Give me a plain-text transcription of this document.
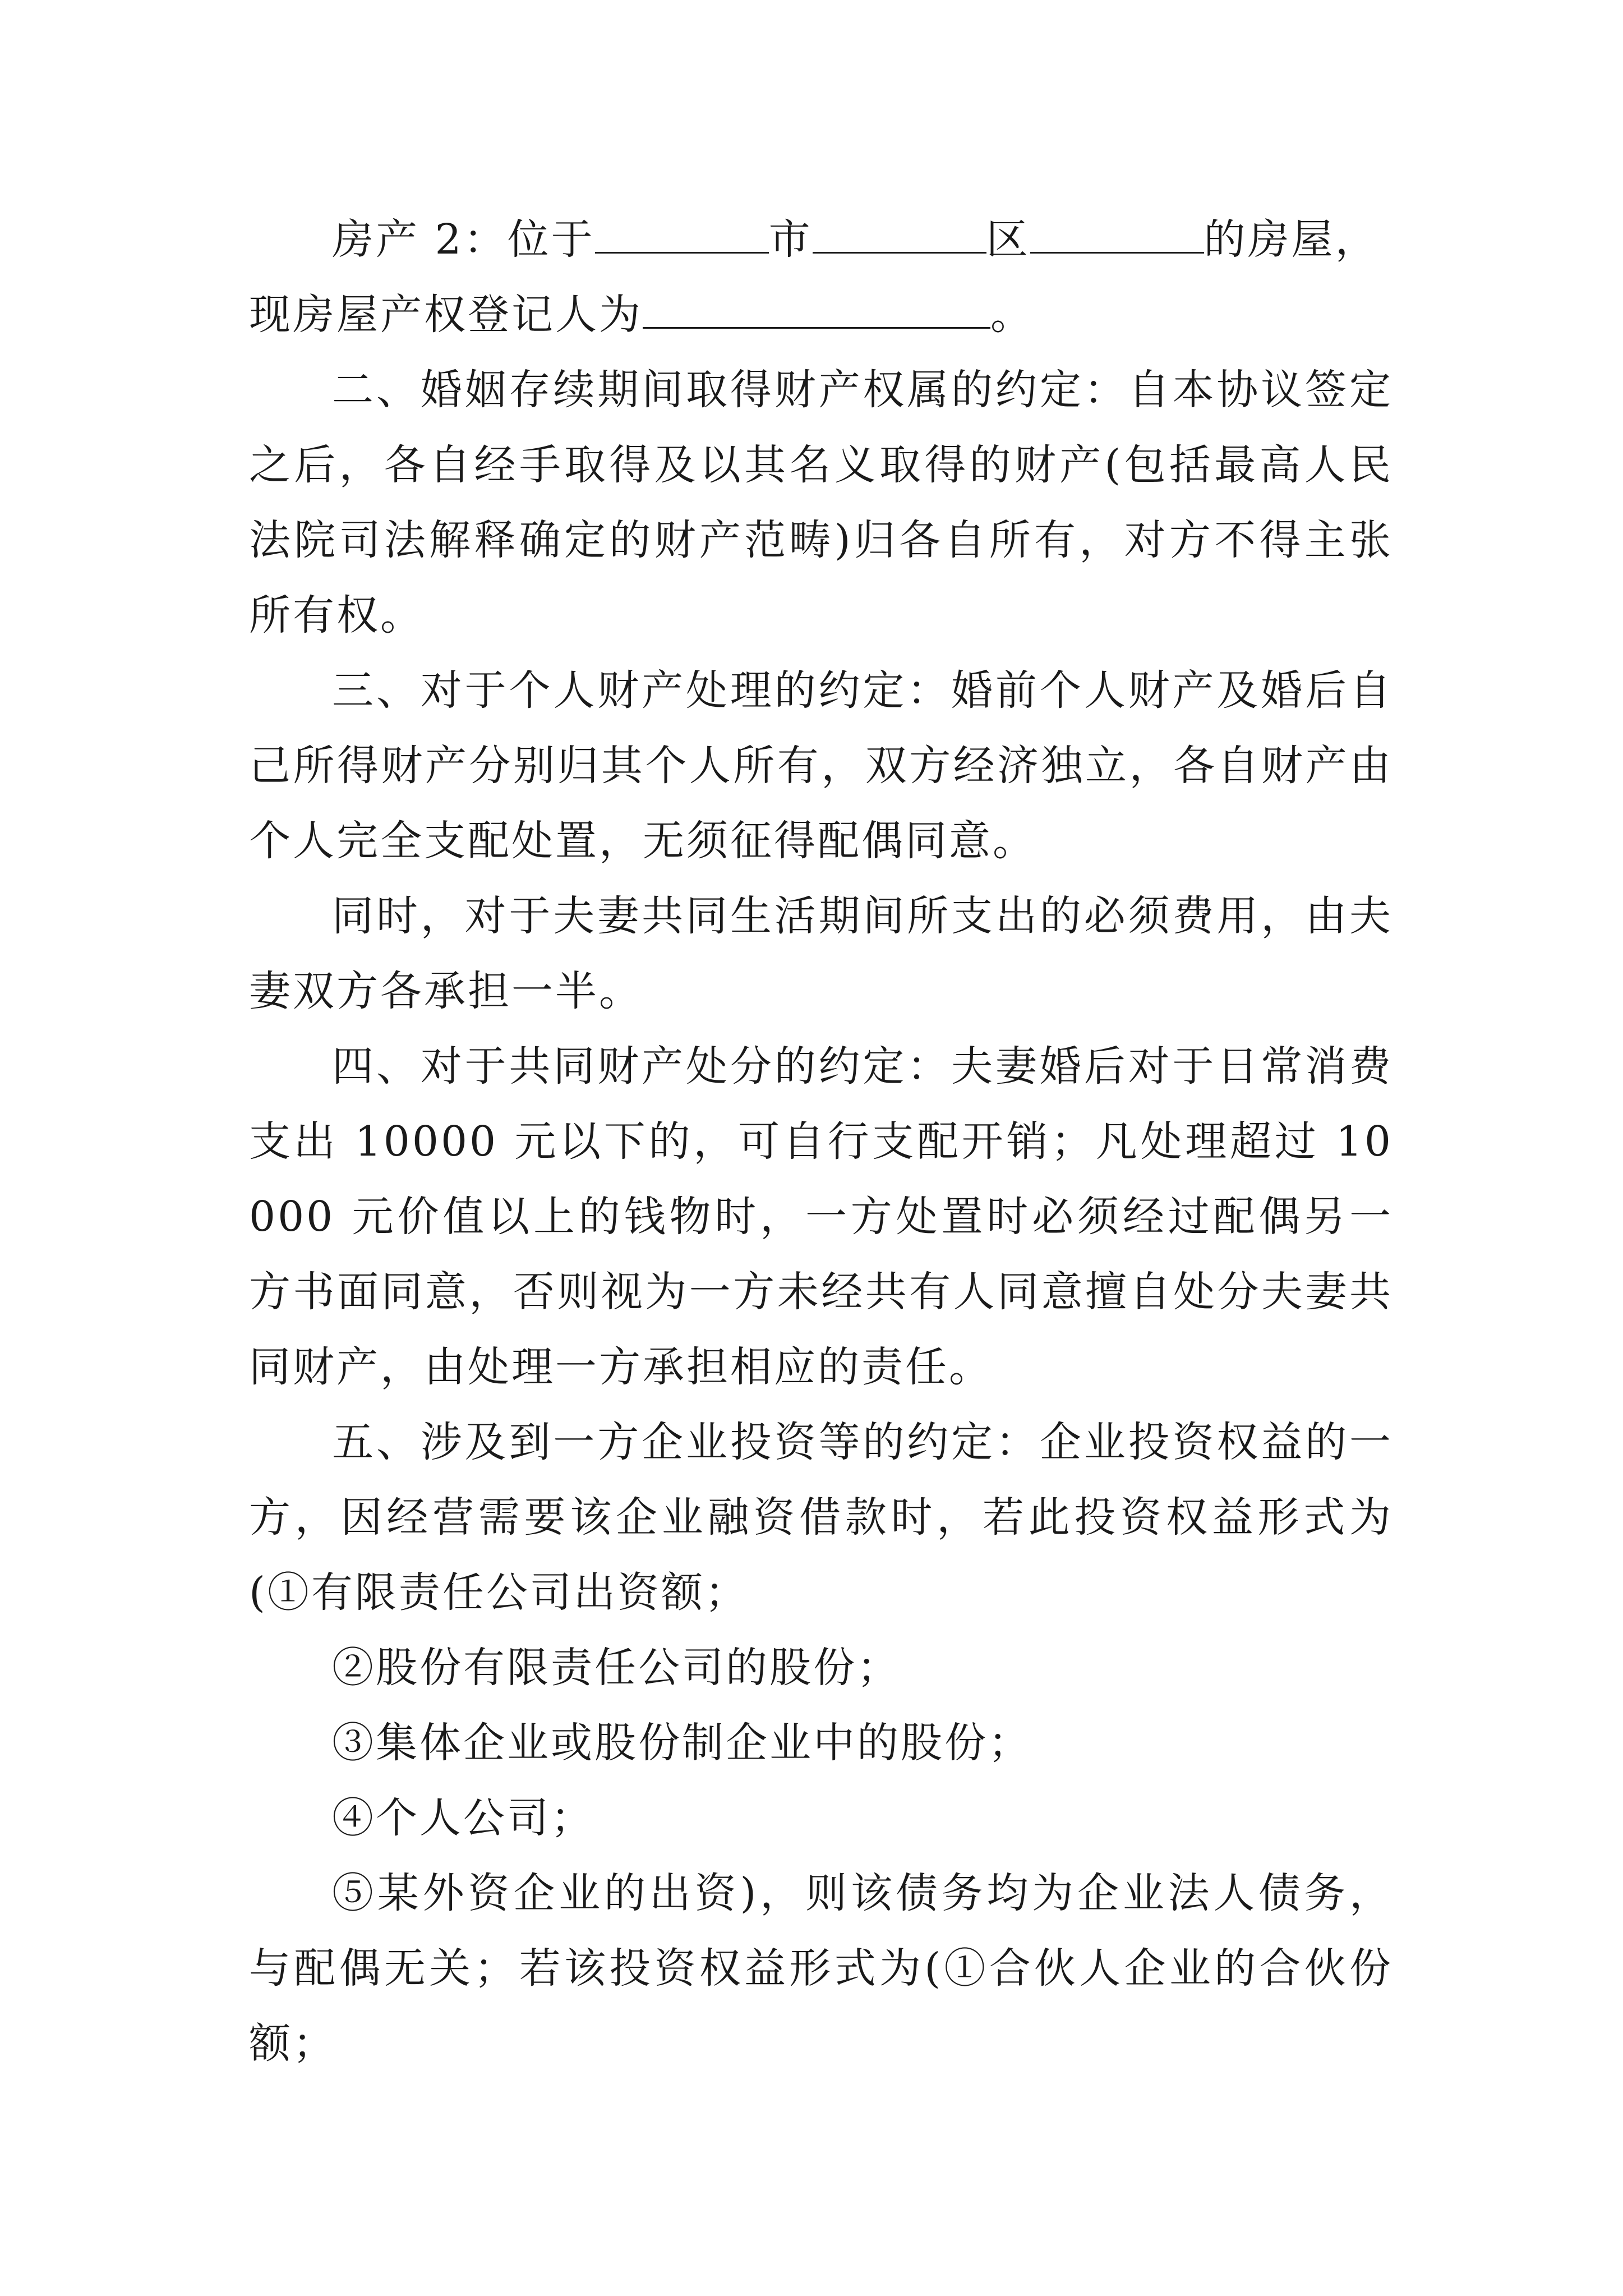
房产 2：位于	市	区	的房屋，

现房屋产权登记人为	。

二、婚姻存续期间取得财产权属的约定：自本协议签定之后，各自经手取得及以其名义取得的财产(包括最高人民法院司法解释确定的财产范畴)归各自所有，对方不得主张所有权。

三、对于个人财产处理的约定：婚前个人财产及婚后自己所得财产分别归其个人所有，双方经济独立，各自财产由个人完全支配处置，无须征得配偶同意。

同时，对于夫妻共同生活期间所支出的必须费用，由夫妻双方各承担一半。

四、对于共同财产处分的约定：夫妻婚后对于日常消费支出 10000 元以下的，可自行支配开销；凡处理超过 10000 元价值以上的钱物时，一方处置时必须经过配偶另一方书面同意，否则视为一方未经共有人同意擅自处分夫妻共同财产，由处理一方承担相应的责任。

五、涉及到一方企业投资等的约定：企业投资权益的一方，因经营需要该企业融资借款时，若此投资权益形式为(①有限责任公司出资额；

②股份有限责任公司的股份；

③集体企业或股份制企业中的股份；

④个人公司；

⑤某外资企业的出资)，则该债务均为企业法人债务，与配偶无关；若该投资权益形式为(①合伙人企业的合伙份额；
